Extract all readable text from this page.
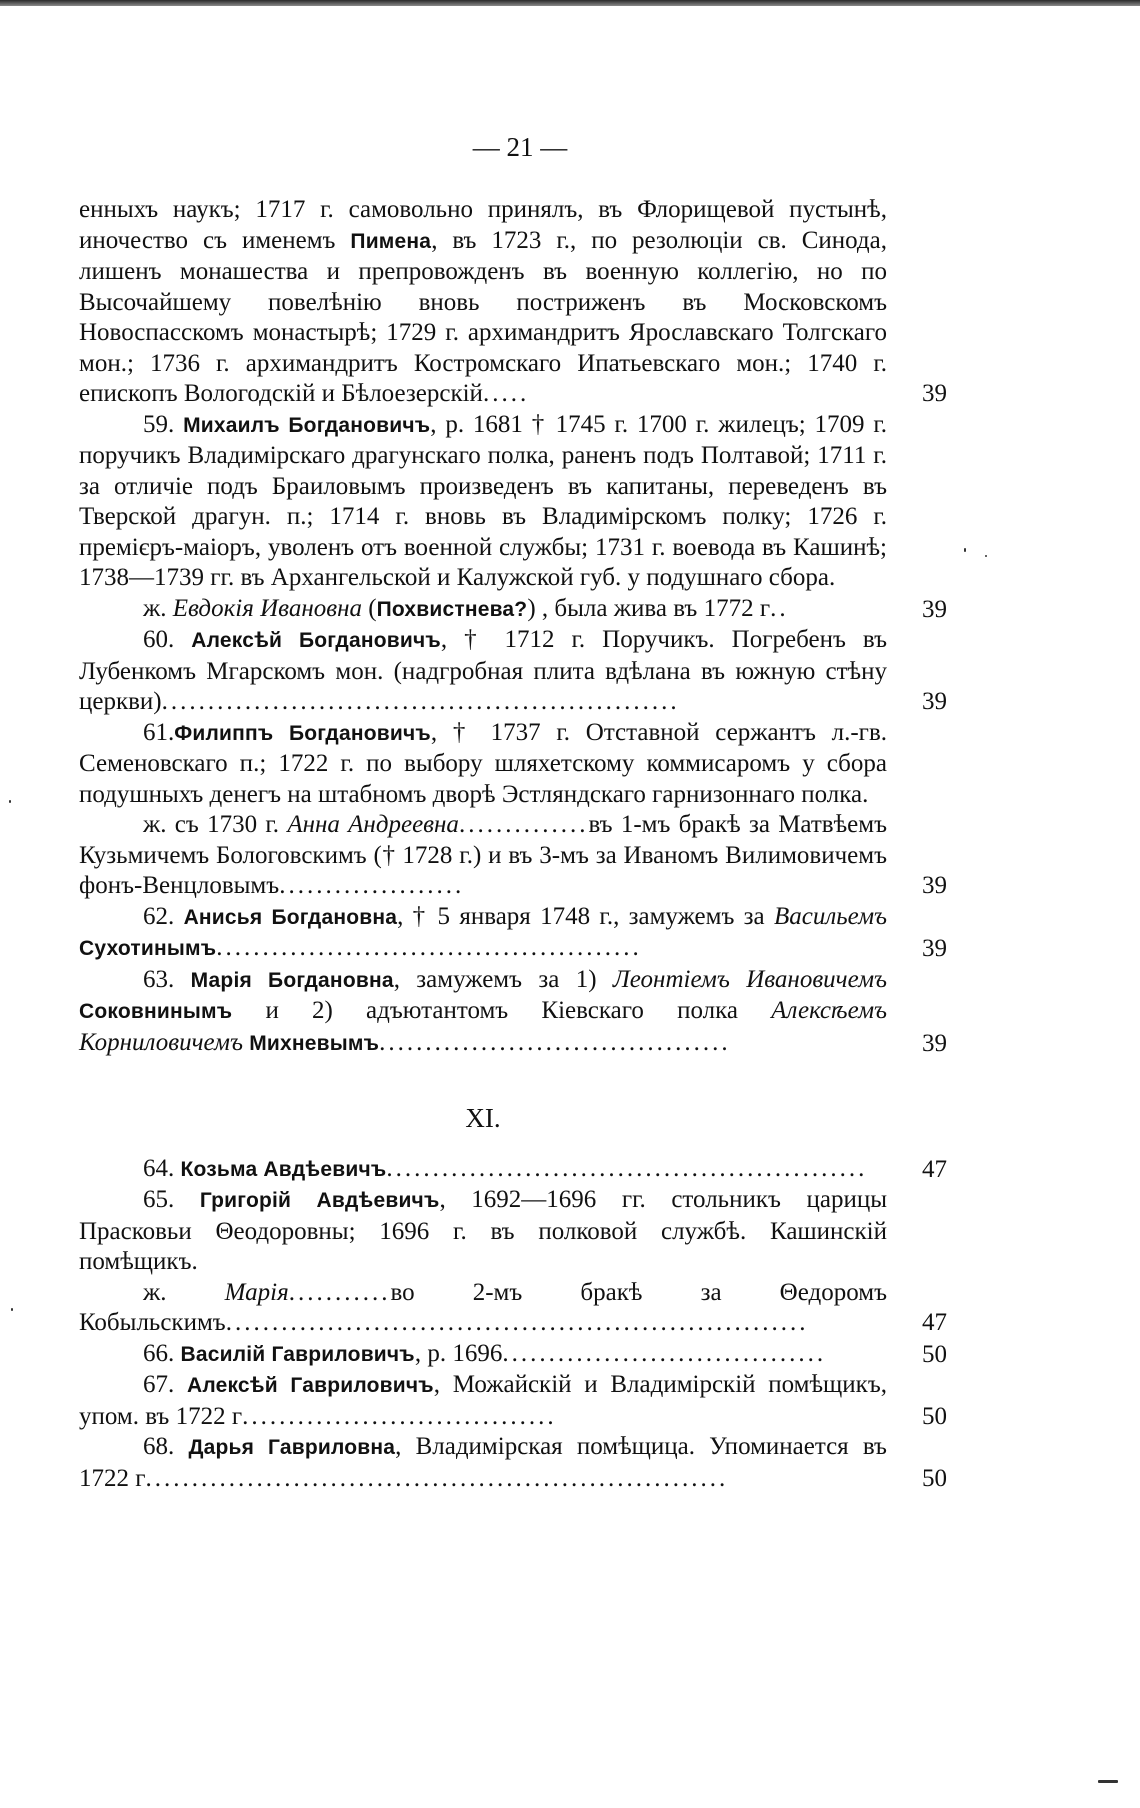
— 21 —
енныхъ наукъ; 1717 г. самовольно принялъ, въ Флорищевой пустынѣ, иночество съ именемъ Пимена, въ 1723 г., по резолюціи св. Синода, лишенъ монашества и препровожденъ въ военную коллегію, но по Высочайшему повелѣнію вновь постриженъ въ Московскомъ Новоспасскомъ монастырѣ; 1729 г. архимандритъ Ярославскаго Толгскаго мон.; 1736 г. архимандритъ Костромскаго Ипатьевскаго мон.; 1740 г. епископъ Вологодскій и Бѣлоезерскій.....	39
59. Михаилъ Богдановичъ, р. 1681 † 1745 г. 1700 г. жилецъ; 1709 г. поручикъ Владимірскаго драгунскаго полка, раненъ подъ Полтавой; 1711 г. за отличіе подъ Браиловымъ произведенъ въ капитаны, переведенъ въ Тверской драгун. п.; 1714 г. вновь въ Владимірскомъ полку; 1726 г. премієръ-маіоръ, уволенъ отъ военной службы; 1731 г. воевода въ Кашинѣ; 1738—1739 гг. въ Архангельской и Калужской губ. у подушнаго сбора.
ж. Евдокія Ивановна (Похвистнева?) , была жива въ 1772 г..	39
60. Алексѣй Богдановичъ, † 1712 г. Поручикъ. Погребенъ въ Лубенкомъ Мгарскомъ мон. (надгробная плита вдѣлана въ южную стѣну церкви)........................................................	39
61.Филиппъ Богдановичъ, † 1737 г. Отставной сержантъ л.-гв. Семеновскаго п.; 1722 г. по выбору шляхетскому коммисаромъ у сбора подушныхъ денегъ на штабномъ дворѣ Эстляндскаго гарнизоннаго полка.
ж. съ 1730 г. Анна Андреевна..............въ 1-мъ бракѣ за Матвѣемъ Кузьмичемъ Бологовскимъ († 1728 г.) и въ 3-мъ за Иваномъ Вилимовичемъ фонъ-Венцловымъ....................	39
62. Анисья Богдановна, † 5 января 1748 г., замужемъ за Васильемъ Сухотинымъ..............................................	39
63. Марія Богдановна, замужемъ за 1) Леонтіемъ Ивановичемъ Соковнинымъ и 2) адъютантомъ Кіевскаго полка Алексѣемъ Корниловичемъ Михневымъ......................................	39
XI.
64. Козьма Авдѣевичъ....................................................	47
65. Григорій Авдѣевичъ, 1692—1696 гг. стольникъ царицы Прасковьи Θеодоровны; 1696 г. въ полковой службѣ. Кашинскій помѣщикъ.
ж. Марія...........во 2-мъ бракѣ за Θедоромъ Кобыльскимъ...............................................................	47
66. Василій Гавриловичъ, р. 1696...................................	50
67. Алексѣй Гавриловичъ, Можайскій и Владимірскій помѣщикъ, упом. въ 1722 г..................................	50
68. Дарья Гавриловна, Владимірская помѣщица. Упоминается въ 1722 г...............................................................	50
